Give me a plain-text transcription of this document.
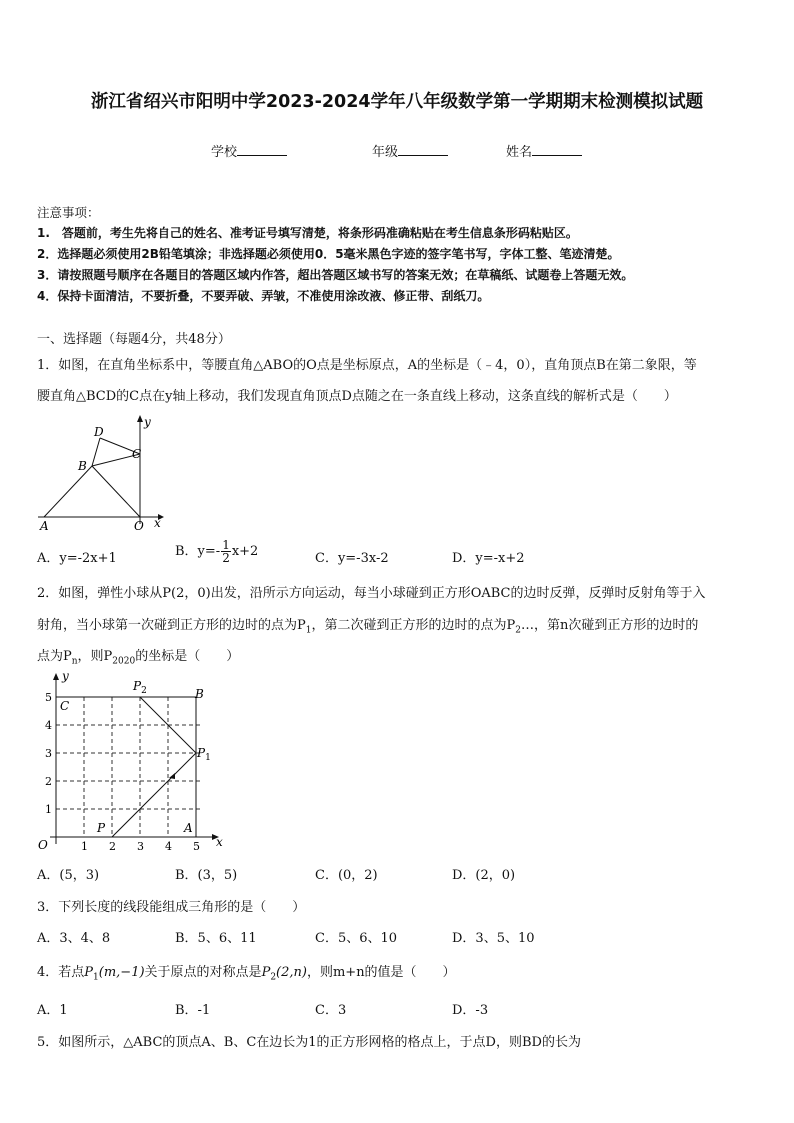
浙江省绍兴市阳明中学2023-2024学年八年级数学第一学期期末检测模拟试题
学校	年级	姓名
注意事项：
1.　答题前，考生先将自己的姓名、准考证号填写清楚，将条形码准确粘贴在考生信息条形码粘贴区。
2．选择题必须使用2B铅笔填涂；非选择题必须使用0．5毫米黑色字迹的签字笔书写，字体工整、笔迹清楚。
3．请按照题号顺序在各题目的答题区域内作答，超出答题区域书写的答案无效；在草稿纸、试题卷上答题无效。
4．保持卡面清洁，不要折叠，不要弄破、弄皱，不准使用涂改液、修正带、刮纸刀。
一、选择题（每题4分，共48分）
1．如图，在直角坐标系中，等腰直角△ABO的O点是坐标原点，A的坐标是（﹣4，0），直角顶点B在第二象限，等
腰直角△BCD的C点在y轴上移动，我们发现直角顶点D点随之在一条直线上移动，这条直线的解析式是（　　）
A	O x
y
B
C
D
A．y=-2x+1	B．$y=- \frac{1}{2} x+2$	C．y=-3x-2	D．y=-x+2
2．如图，弹性小球从P(2，0)出发，沿所示方向运动，每当小球碰到正方形OABC的边时反弹，反弹时反射角等于入
射角，当小球第一次碰到正方形的边时的点为$P_1$，第二次碰到正方形的边时的点为$P_2\dots$，第n次碰到正方形的边时的
点为$P_n$，则$P_{2020}$的坐标是（　　）
y
x
O
C
B
A
P
$P_2$
$P_1$
1
2
3
4
5
1 2 3 4 5
A．(5，3)	B．(3，5)	C．(0，2)	D．(2，0)
3．下列长度的线段能组成三角形的是（　　）
A．3、4、8	B．5、6、11	C．5、6、10	D．3、5、10
4．若点$P_1(m,-1)$关于原点的对称点是$P_2(2,n)$，则m+n的值是（　　）
A．1	B．-1	C．3	D．-3
5．如图所示，△ABC的顶点A、B、C在边长为1的正方形网格的格点上，于点D，则BD的长为
